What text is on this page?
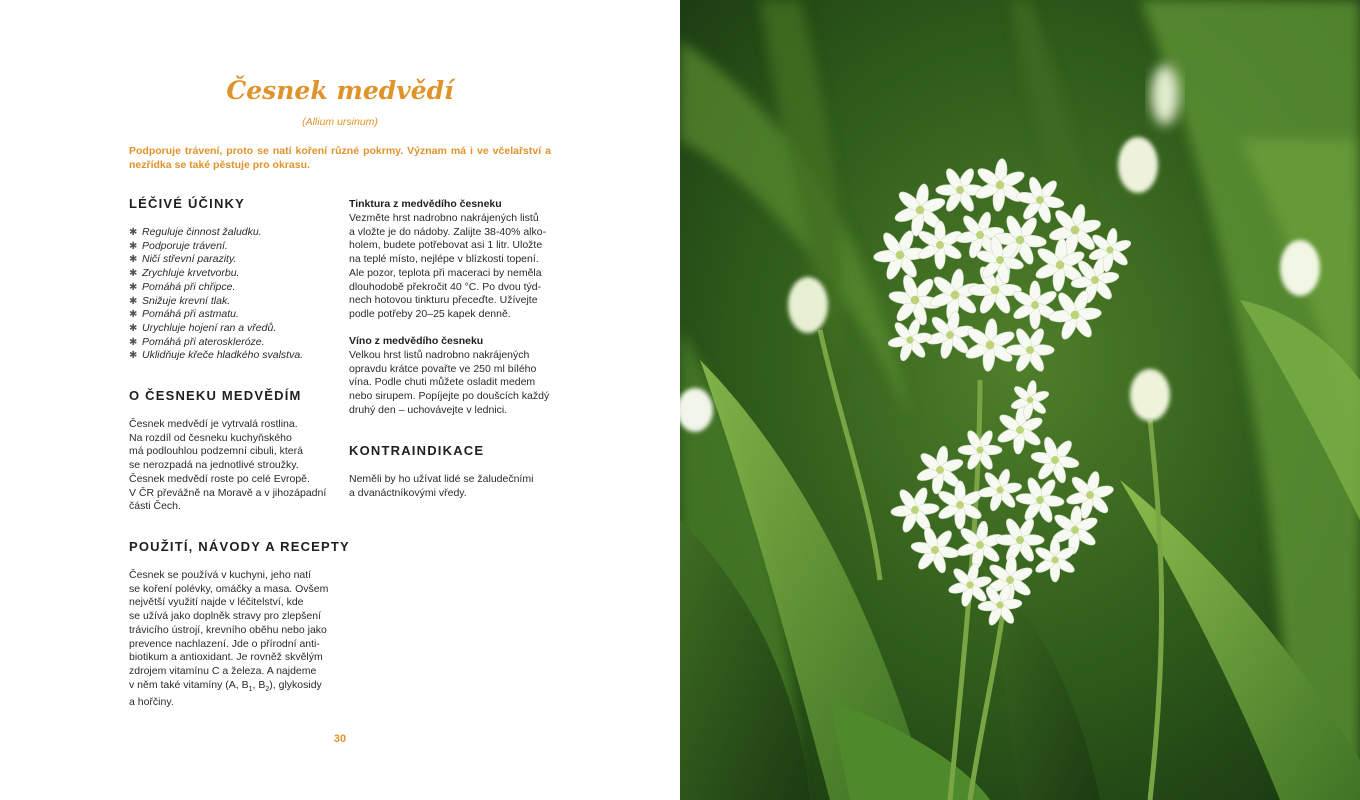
Česnek medvědí
(Allium ursinum)
Podporuje trávení, proto se natí koření různé pokrmy. Význam má i ve včelařství a nezřídka se také pěstuje pro okrasu.
LÉČIVÉ ÚČINKY
✱ Reguluje činnost žaludku.
✱ Podporuje trávení.
✱ Ničí střevní parazity.
✱ Zrychluje krvetvorbu.
✱ Pomáhá při chřipce.
✱ Snižuje krevní tlak.
✱ Pomáhá při astmatu.
✱ Urychluje hojení ran a vředů.
✱ Pomáhá při ateroskleróze.
✱ Uklidňuje křeče hladkého svalstva.
O ČESNEKU MEDVĚDÍM
Česnek medvědí je vytrvalá rostlina.
Na rozdíl od česneku kuchyňského
má podlouhlou podzemní cibuli, která
se nerozpadá na jednotlivé stroužky.
Česnek medvědí roste po celé Evropě.
V ČR převážně na Moravě a v jihozápadní
části Čech.
POUŽITÍ, NÁVODY A RECEPTY
Česnek se používá v kuchyni, jeho natí
se koření polévky, omáčky a masa. Ovšem
největší využití najde v léčitelství, kde
se užívá jako doplněk stravy pro zlepšení
trávicího ústrojí, krevního oběhu nebo jako
prevence nachlazení. Jde o přírodní anti-
biotikum a antioxidant. Je rovněž skvělým
zdrojem vitamínu C a železa. A najdeme
v něm také vitamíny (A, $B_1$, $B_2$), glykosidy
a hořčiny.
Tinktura z medvědího česneku
Vezměte hrst nadrobno nakrájených listů
a vložte je do nádoby. Zalijte 38-40% alko-
holem, budete potřebovat asi 1 litr. Uložte
na teplé místo, nejlépe v blízkosti topení.
Ale pozor, teplota při maceraci by neměla
dlouhodobě překročit 40 °C. Po dvou týd-
nech hotovou tinkturu přeceďte. Užívejte
podle potřeby 20–25 kapek denně.
Víno z medvědího česneku
Velkou hrst listů nadrobno nakrájených
opravdu krátce povařte ve 250 ml bílého
vína. Podle chuti můžete osladit medem
nebo sirupem. Popíjejte po doušcích každý
druhý den – uchovávejte v lednici.
KONTRAINDIKACE
Neměli by ho užívat lidé se žaludečními
a dvanáctníkovými vředy.
30
